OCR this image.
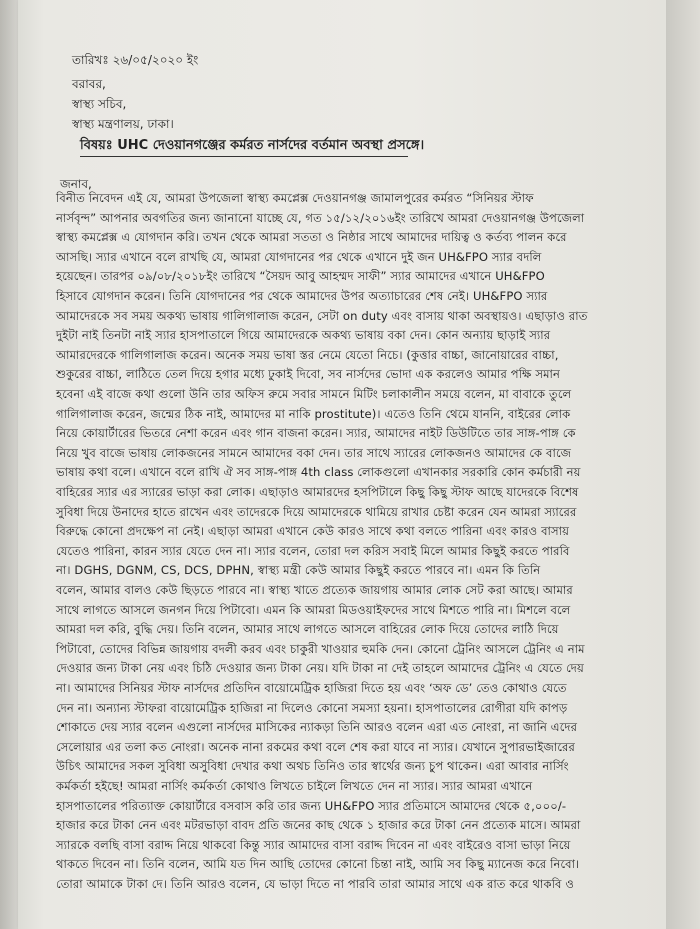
তারিখঃ ২৬/০৫/২০২০ ইং
বরাবর,
স্বাস্থ্য সচিব,
স্বাস্থ্য মন্ত্রণালয়, ঢাকা।
বিষয়ঃ UHC দেওয়ানগঞ্জের কর্মরত নার্সদের বর্তমান অবস্থা প্রসঙ্গে।
জনাব,
বিনীত নিবেদন এই যে, আমরা উপজেলা স্বাস্থ্য কমপ্লেক্স দেওয়ানগঞ্জ জামালপুরের কর্মরত “সিনিয়র স্টাফ
নার্সবৃন্দ” আপনার অবগতির জন্য জানানো যাচ্ছে যে, গত ১৫/১২/২০১৬ইং তারিখে আমরা দেওয়ানগঞ্জ উপজেলা
স্বাস্থ্য কমপ্লেক্স এ যোগদান করি। তখন থেকে আমরা সততা ও নিষ্ঠার সাথে আমাদের দায়িত্ব ও কর্তব্য পালন করে
আসছি। স্যার এখানে বলে রাখছি যে, আমরা যোগদানের পর থেকে এখানে দুই জন UH&FPO স্যার বদলি
হয়েছেন। তারপর ০৯/০৮/২০১৮ইং তারিখে “সৈয়দ আবু আহম্মদ সাফী” স্যার আমাদের এখানে UH&FPO
হিসাবে যোগদান করেন। তিনি যোগদানের পর থেকে আমাদের উপর অত্যাচারের শেষ নেই। UH&FPO স্যার
আমাদেরকে সব সময় অকথ্য ভাষায় গালিগালাজ করেন, সেটা on duty এবং বাসায় থাকা অবস্থায়ও। এছাড়াও রাত
দুইটা নাই তিনটা নাই স্যার হাসপাতালে গিয়ে আমাদেরকে অকথ্য ভাষায় বকা দেন। কোন অন্যায় ছাড়াই স্যার
আমারদেরকে গালিগালাজ করেন। অনেক সময় ভাষা স্তর নেমে যেতো নিচে। (কুত্তার বাচ্চা, জানোয়ারের বাচ্চা,
শুকুরের বাচ্চা, লাঠিতে তেল দিয়ে হগার মধ্যে ঢুকাই দিবো, সব নার্সদের ভোদা এক করলেও আমার পক্ষি সমান
হবেনা এই বাজে কথা গুলো উনি তার অফিস রুমে সবার সামনে মিটিং চলাকালীন সময়ে বলেন, মা বাবাকে তুলে
গালিগালাজ করেন, জন্মের ঠিক নাই, আমাদের মা নাকি prostitute)। এতেও তিনি থেমে যাননি, বাইরের লোক
নিয়ে কোয়ার্টারের ভিতরে নেশা করেন এবং গান বাজনা করেন। স্যার, আমাদের নাইট ডিউটিতে তার সাঙ্গ-পাঙ্গ কে
নিয়ে খুব বাজে ভাষায় লোকজনের সামনে আমাদের বকা দেন। তার সাথে স্যারের লোকজনও আমাদের কে বাজে
ভাষায় কথা বলে। এখানে বলে রাখি ঐ সব সাঙ্গ-পাঙ্গ 4th class লোকগুলো এখানকার সরকারি কোন কর্মচারী নয়
বাহিরের স্যার এর স্যারের ভাড়া করা লোক। এছাড়াও আমারদের হসপিটালে কিছু কিছু স্টাফ আছে যাদেরকে বিশেষ
সুবিধা দিয়ে উনাদের হাতে রাখেন এবং তাদেরকে দিয়ে আমাদেরকে থামিয়ে রাখার চেষ্টা করেন যেন আমরা স্যারের
বিরুদ্ধে কোনো প্রদক্ষেপ না নেই। এছাড়া আমরা এখানে কেউ কারও সাথে কথা বলতে পারিনা এবং কারও বাসায়
যেতেও পারিনা, কারন স্যার যেতে দেন না। স্যার বলেন, তোরা দল করিস সবাই মিলে আমার কিছুই করতে পারবি
না। DGHS, DGNM, CS, DCS, DPHN, স্বাস্থ্য মন্ত্রী কেউ আমার কিছুই করতে পারবে না। এমন কি তিনি
বলেন, আমার বালও কেউ ছিড়তে পারবে না। স্বাস্থ্য খাতে প্রত্যেক জায়গায় আমার লোক সেট করা আছে। আমার
সাথে লাগতে আসলে জনগন দিয়ে পিটাবো। এমন কি আমরা মিডওয়াইফদের সাথে মিশতে পারি না। মিশলে বলে
আমরা দল করি, বুদ্ধি দেয়। তিনি বলেন, আমার সাথে লাগতে আসলে বাহিরের লোক দিয়ে তোদের লাঠি দিয়ে
পিটাবো, তোদের বিভিন্ন জায়গায় বদলী করব এবং চাকুরী খাওয়ার হুমকি দেন। কোনো ট্রেনিং আসলে ট্রেনিং এ নাম
দেওয়ার জন্য টাকা নেয় এবং চিঠি দেওয়ার জন্য টাকা নেয়। যদি টাকা না দেই তাহলে আমাদের ট্রেনিং এ যেতে দেয়
না। আমাদের সিনিয়র স্টাফ নার্সদের প্রতিদিন বায়োমেট্রিক হাজিরা দিতে হয় এবং ‘অফ ডে’ তেও কোথাও যেতে
দেন না। অন্যান্য স্টাফরা বায়োমেট্রিক হাজিরা না দিলেও কোনো সমস্যা হয়না। হাসপাতালের রোগীরা যদি কাপড়
শোকাতে দেয় স্যার বলেন এগুলো নার্সদের মাসিকের ন্যাকড়া তিনি আরও বলেন এরা এত নোংরা, না জানি এদের
সেলোয়ার এর তলা কত নোংরা। অনেক নানা রকমের কথা বলে শেষ করা যাবে না স্যার। যেখানে সুপারভাইজারের
উচিৎ আমাদের সকল সুবিধা অসুবিধা দেখার কথা অথচ তিনিও তার স্বার্থের জন্য চুপ থাকেন। এরা আবার নার্সিং
কর্মকর্তা হইছে! আমরা নার্সিং কর্মকর্তা কোথাও লিখতে চাইলে লিখতে দেন না স্যার। স্যার আমরা এখানে
হাসপাতালের পরিত্যাক্ত কোয়ার্টারে বসবাস করি তার জন্য UH&FPO স্যার প্রতিমাসে আমাদের থেকে ৫,০০০/-
হাজার করে টাকা নেন এবং মটরভাড়া বাবদ প্রতি জনের কাছ থেকে ১ হাজার করে টাকা নেন প্রত্যেক মাসে। আমরা
স্যারকে বলছি বাসা বরাদ্দ নিয়ে থাকবো কিন্তু স্যার আমাদের বাসা বরাদ্দ দিবেন না এবং বাইরেও বাসা ভাড়া নিয়ে
থাকতে দিবেন না। তিনি বলেন, আমি যত দিন আছি তোদের কোনো চিন্তা নাই, আমি সব কিছু ম্যানেজ করে নিবো।
তোরা আমাকে টাকা দে। তিনি আরও বলেন, যে ভাড়া দিতে না পারবি তারা আমার সাথে এক রাত করে থাকবি ও
